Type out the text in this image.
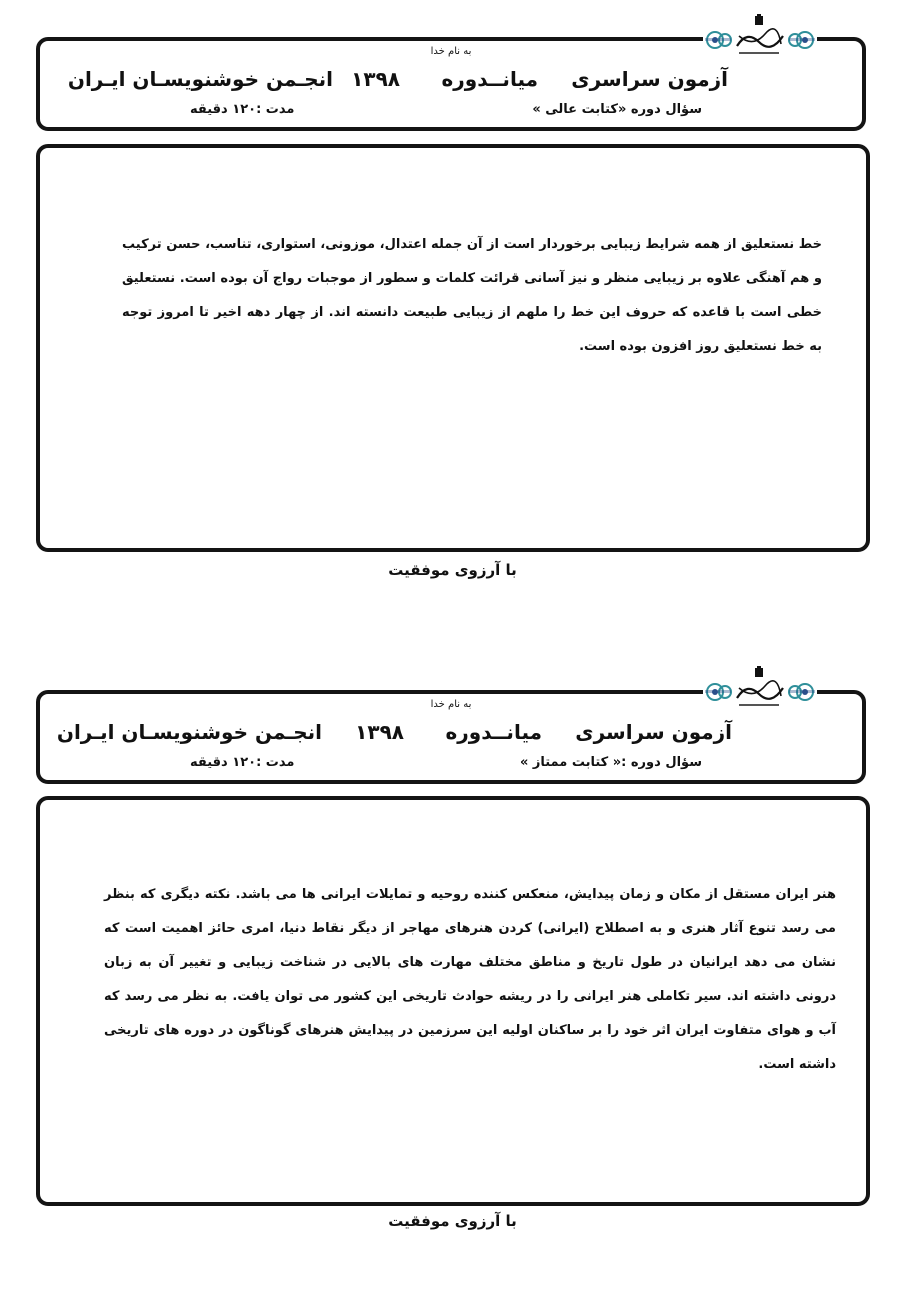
به نام خدا
آزمون سراسری
میانــدوره
۱۳۹۸
انجـمن خوشنویسـان ایـران
سؤال دوره «کتابت عالی »
مدت :۱۲۰ دقیقه
خط نستعلیق از همه شرایط زیبایی برخوردار است از آن جمله اعتدال، موزونی، استواری، تناسب، حسن ترکیب و هم آهنگی علاوه بر زیبایی منظر و نیز آسانی قرائت کلمات و سطور از موجبات رواج آن بوده است. نستعلیق خطی است با قاعده که حروف این خط را ملهم از زیبایی طبیعت دانسته اند. از چهار دهه اخیر تا امروز توجه به خط نستعلیق روز افزون بوده است.
با آرزوی موفقیت
به نام خدا
آزمون سراسری
میانــدوره
۱۳۹۸
انجـمن خوشنویسـان ایـران
سؤال دوره :« کتابت ممتاز »
مدت :۱۲۰ دقیقه
هنر ایران مستقل از مکان و زمان پیدایش، منعکس کننده روحیه و تمایلات ایرانی ها می باشد. نکته دیگری که بنظر می رسد تنوع آثار هنری و به اصطلاح (ایرانی) کردن هنرهای مهاجر از دیگر نقاط دنیا، امری حائز اهمیت است که نشان می دهد ایرانیان در طول تاریخ و مناطق مختلف مهارت های بالایی در شناخت زیبایی و تغییر آن به زبان درونی داشته اند. سیر تکاملی هنر ایرانی را در ریشه حوادث تاریخی این کشور می توان یافت. به نظر می رسد که آب و هوای متفاوت ایران اثر خود را بر ساکنان اولیه این سرزمین در پیدایش هنرهای گوناگون در دوره های تاریخی داشته است.
با آرزوی موفقیت
